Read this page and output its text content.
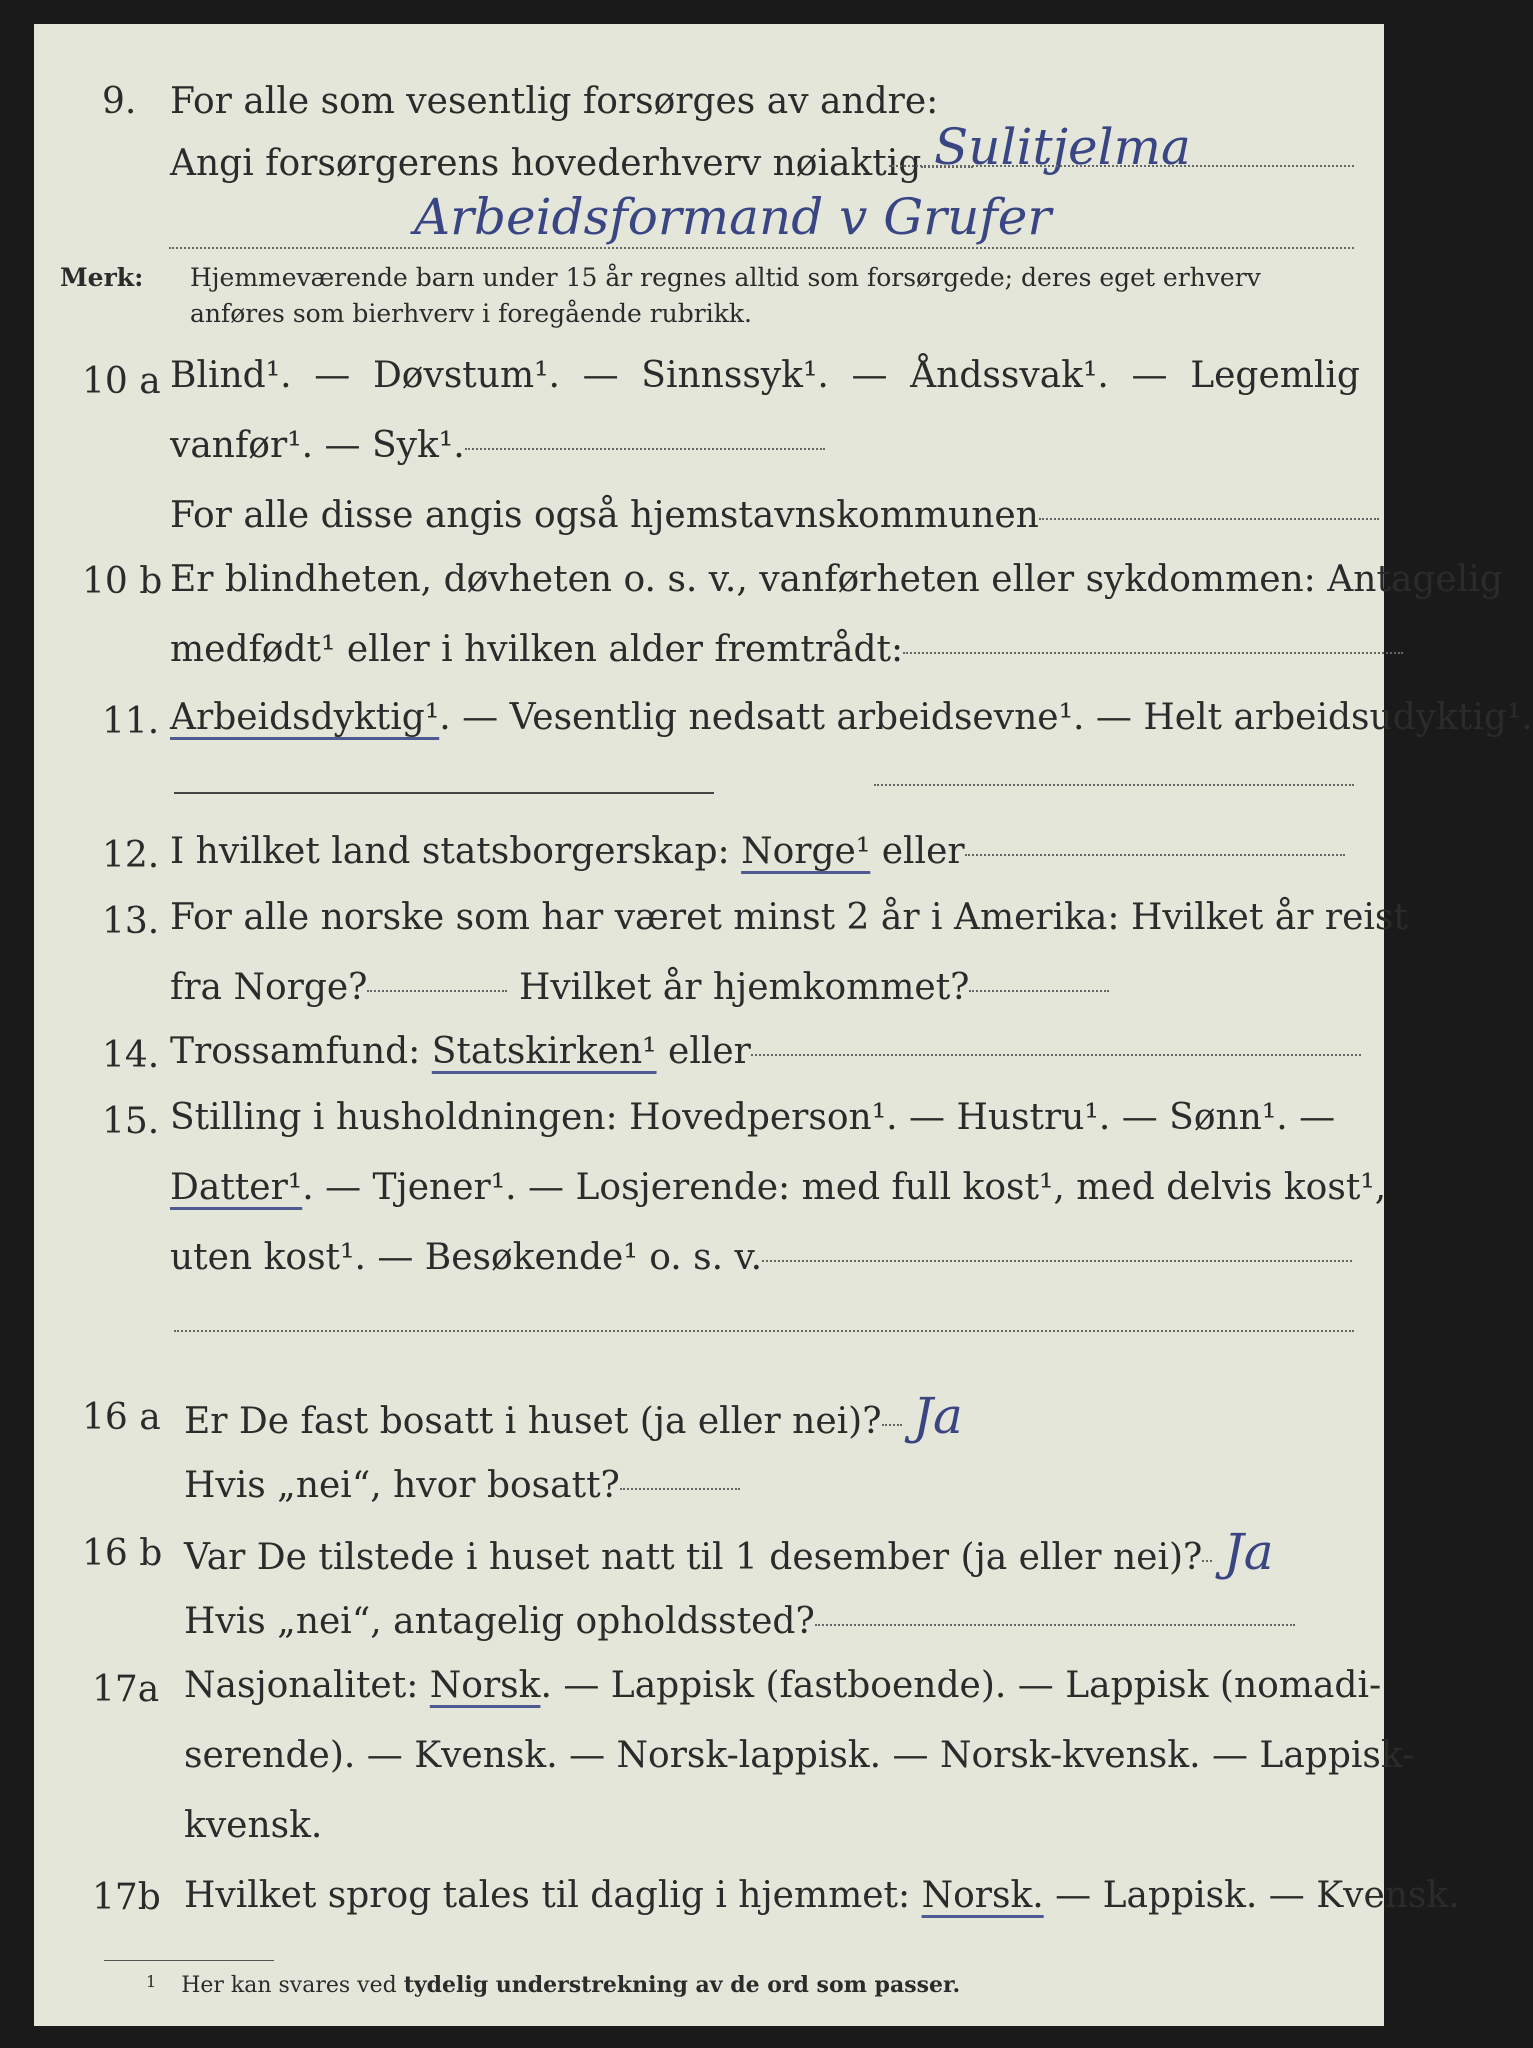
9. For alle som vesentlig forsørges av andre:
Angi forsørgerens hovederhverv nøiaktig Sulitjelma
Arbeidsformand v Grufer
Merk: Hjemmeværende barn under 15 år regnes alltid som forsørgede; deres eget erhverv
anføres som bierhverv i foregående rubrikk.
10 a Blind¹. — Døvstum¹. — Sinnssyk¹. — Åndssvak¹. — Legemlig
vanfør¹. — Syk¹.
For alle disse angis også hjemstavnskommunen
10 b Er blindheten, døvheten o. s. v., vanførheten eller sykdommen: Antagelig
medfødt¹ eller i hvilken alder fremtrådt:
11. Arbeidsdyktig¹. — Vesentlig nedsatt arbeidsevne¹. — Helt arbeidsudyktig¹.
12. I hvilket land statsborgerskap: Norge¹ eller
13. For alle norske som har været minst 2 år i Amerika: Hvilket år reist
fra Norge?	Hvilket år hjemkommet?
14. Trossamfund: Statskirken¹ eller
15. Stilling i husholdningen: Hovedperson¹. — Hustru¹. — Sønn¹. —
Datter¹. — Tjener¹. — Losjerende: med full kost¹, med delvis kost¹,
uten kost¹. — Besøkende¹ o. s. v.
16 a Er De fast bosatt i huset (ja eller nei)? Ja
Hvis „nei“, hvor bosatt?
16 b Var De tilstede i huset natt til 1 desember (ja eller nei)? Ja
Hvis „nei“, antagelig opholdssted?
17a Nasjonalitet: Norsk. — Lappisk (fastboende). — Lappisk (nomadi-
serende). — Kvensk. — Norsk-lappisk. — Norsk-kvensk. — Lappisk-
kvensk.
17b Hvilket sprog tales til daglig i hjemmet: Norsk. — Lappisk. — Kvensk.
$^1$ Her kan svares ved tydelig understrekning av de ord som passer.
